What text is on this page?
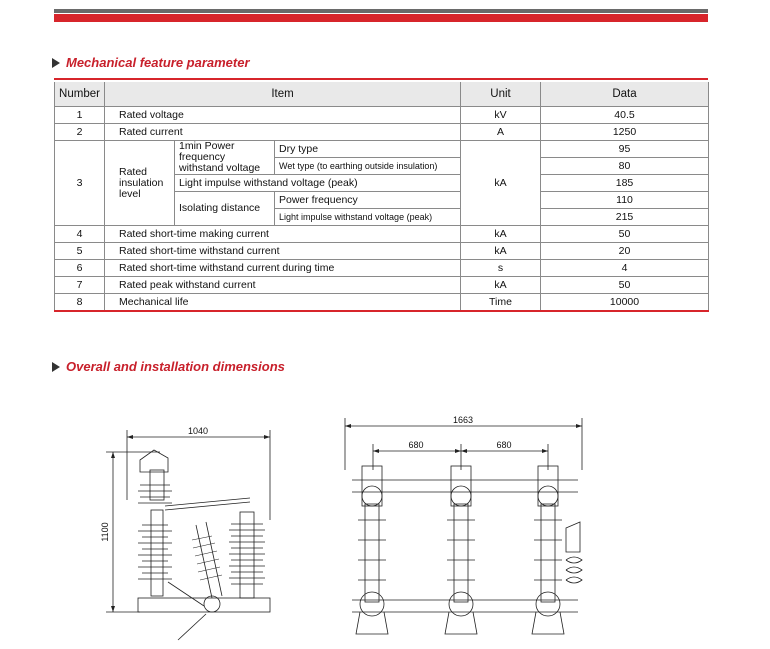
Mechanical feature parameter
Number	Item			Unit	Data
1	Rated voltage			kV	40.5
2	Rated current			A	1250
3	Rated insulation level	1min Power frequency withstand voltage	Dry type	kA	95
			Wet type (to earthing outside insulation)		80
		Light impulse withstand voltage (peak)			185
		Isolating distance	Power frequency		110
			Light impulse withstand voltage (peak)		215
4	Rated short-time making current			kA	50
5	Rated short-time withstand current			kA	20
6	Rated short-time withstand current during time			s	4
7	Rated peak withstand current			kA	50
8	Mechanical life			Time	10000
Overall and installation dimensions
1040
1100
1663
680	680
